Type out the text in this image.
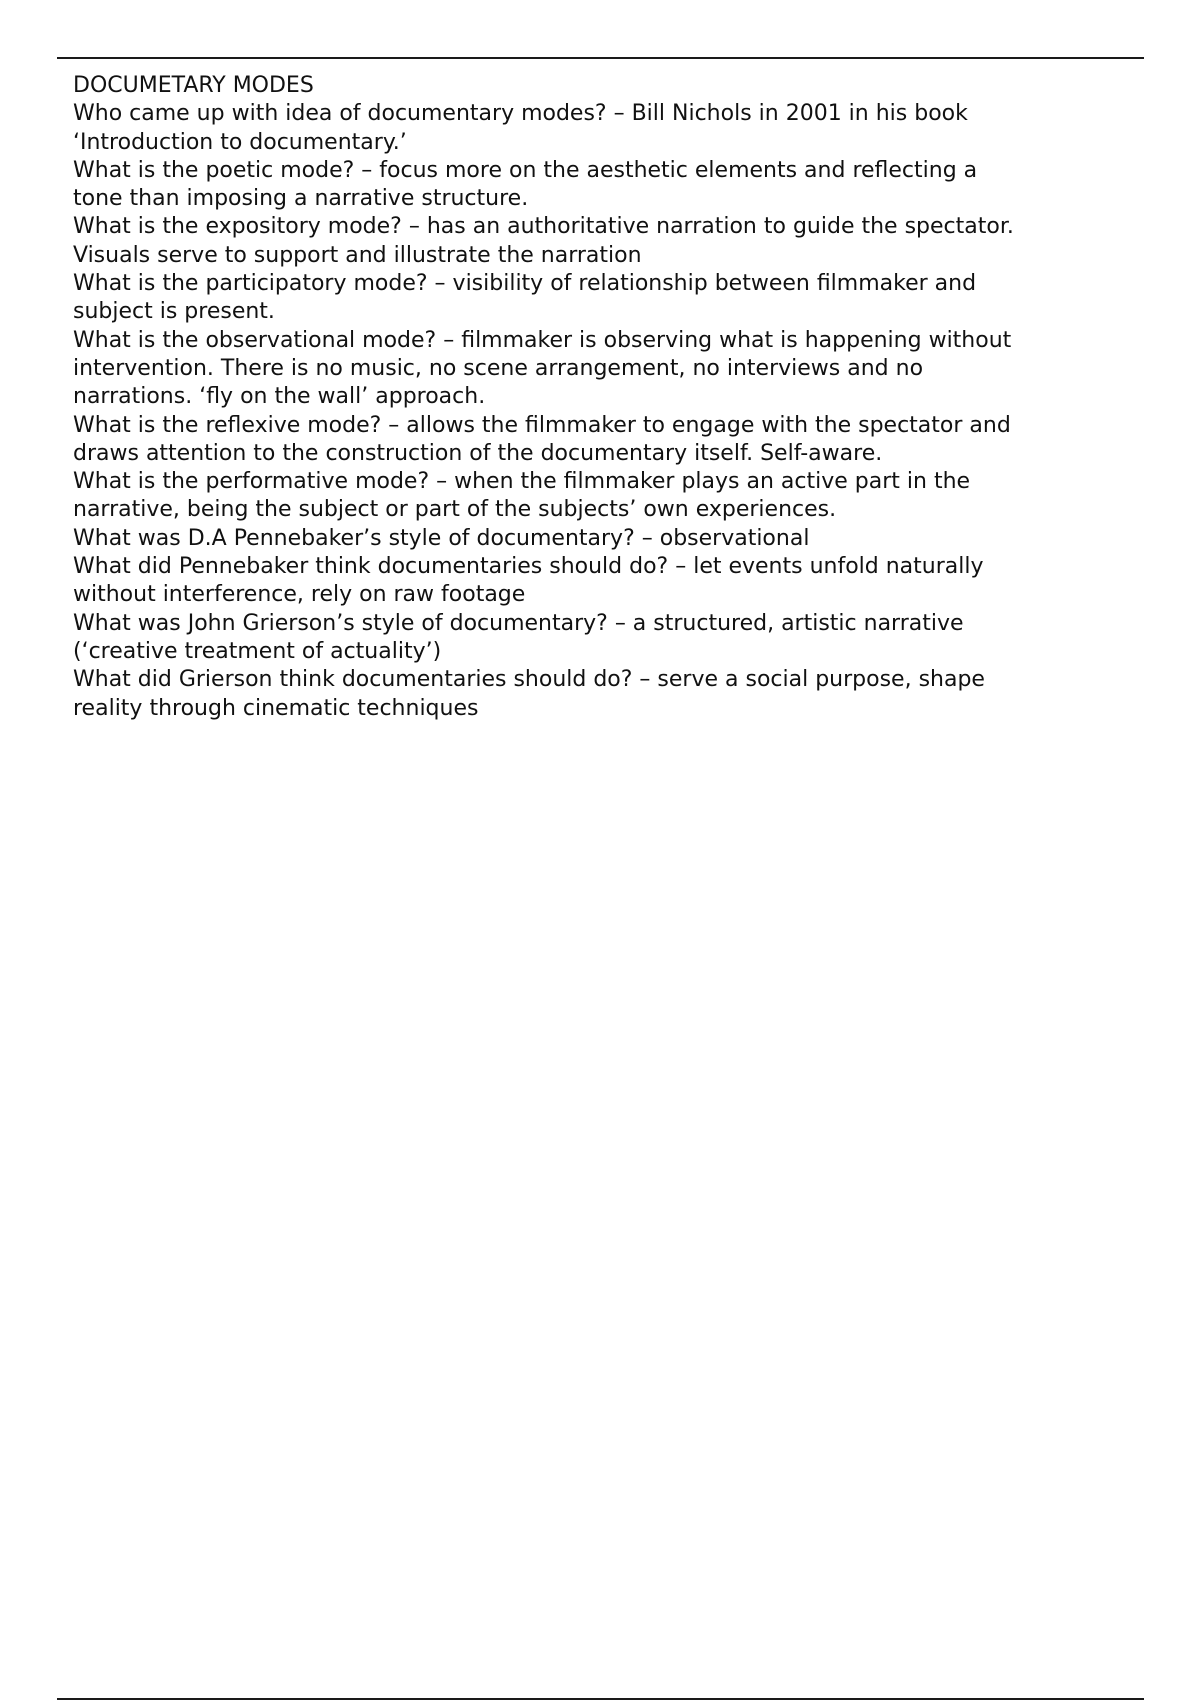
DOCUMETARY MODES
Who came up with idea of documentary modes? – Bill Nichols in 2001 in his book
‘Introduction to documentary.’
What is the poetic mode? – focus more on the aesthetic elements and reflecting a
tone than imposing a narrative structure.
What is the expository mode? – has an authoritative narration to guide the spectator.
Visuals serve to support and illustrate the narration
What is the participatory mode? – visibility of relationship between filmmaker and
subject is present.
What is the observational mode? – filmmaker is observing what is happening without
intervention. There is no music, no scene arrangement, no interviews and no
narrations. ‘fly on the wall’ approach.
What is the reflexive mode? – allows the filmmaker to engage with the spectator and
draws attention to the construction of the documentary itself. Self-aware.
What is the performative mode? – when the filmmaker plays an active part in the
narrative, being the subject or part of the subjects’ own experiences.
What was D.A Pennebaker’s style of documentary? – observational
What did Pennebaker think documentaries should do? – let events unfold naturally
without interference, rely on raw footage
What was John Grierson’s style of documentary? – a structured, artistic narrative
(‘creative treatment of actuality’)
What did Grierson think documentaries should do? – serve a social purpose, shape
reality through cinematic techniques
